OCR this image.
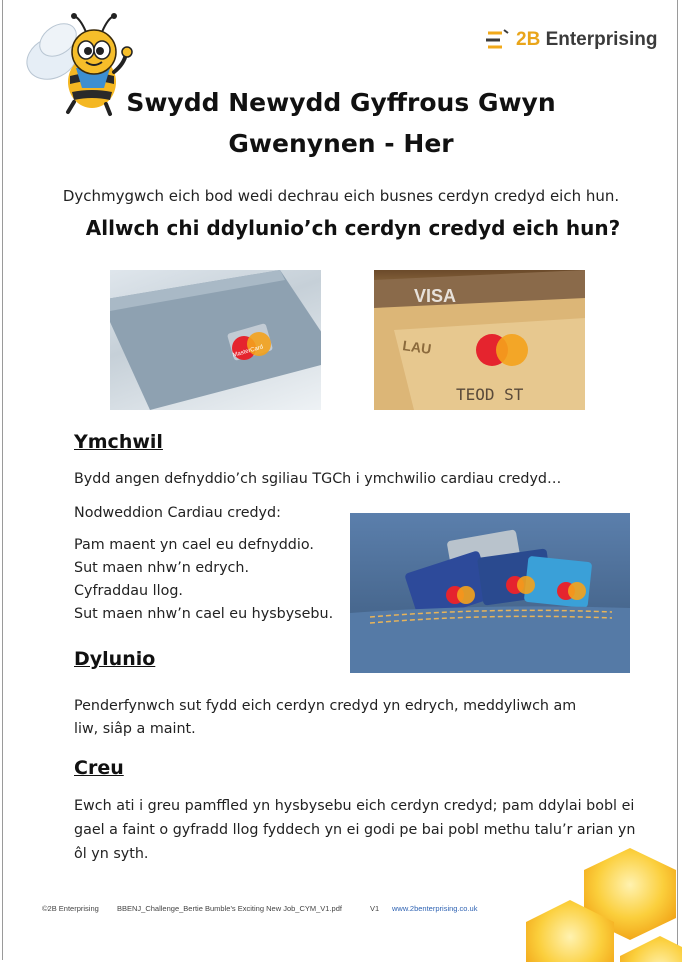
2B Enterprising
Swydd Newydd Gyffrous Gwyn
Gwenynen - Her
Dychmygwch eich bod wedi dechrau eich busnes cerdyn credyd eich hun.
Allwch chi ddylunio’ch cerdyn credyd eich hun?
MasterCard	LAU
VISA
TEOD ST
Ymchwil
Bydd angen defnyddio’ch sgiliau TGCh i ymchwilio cardiau credyd…
Nodweddion Cardiau credyd:
Pam maent yn cael eu defnyddio.
Sut maen nhw’n edrych.
Cyfraddau llog.
Sut maen nhw’n cael eu hysbysebu.
Dylunio
Penderfynwch sut fydd eich cerdyn credyd yn edrych, meddyliwch am
liw, siâp a maint.
Creu
Ewch ati i greu pamffled yn hysbysebu eich cerdyn credyd; pam ddylai bobl ei
gael a faint o gyfradd llog fyddech yn ei godi pe bai pobl methu talu’r arian yn
ôl yn syth.
©2B Enterprising BBENJ_Challenge_Bertie Bumble’s Exciting New Job_CYM_V1.pdf	V1 www.2benterprising.co.uk
